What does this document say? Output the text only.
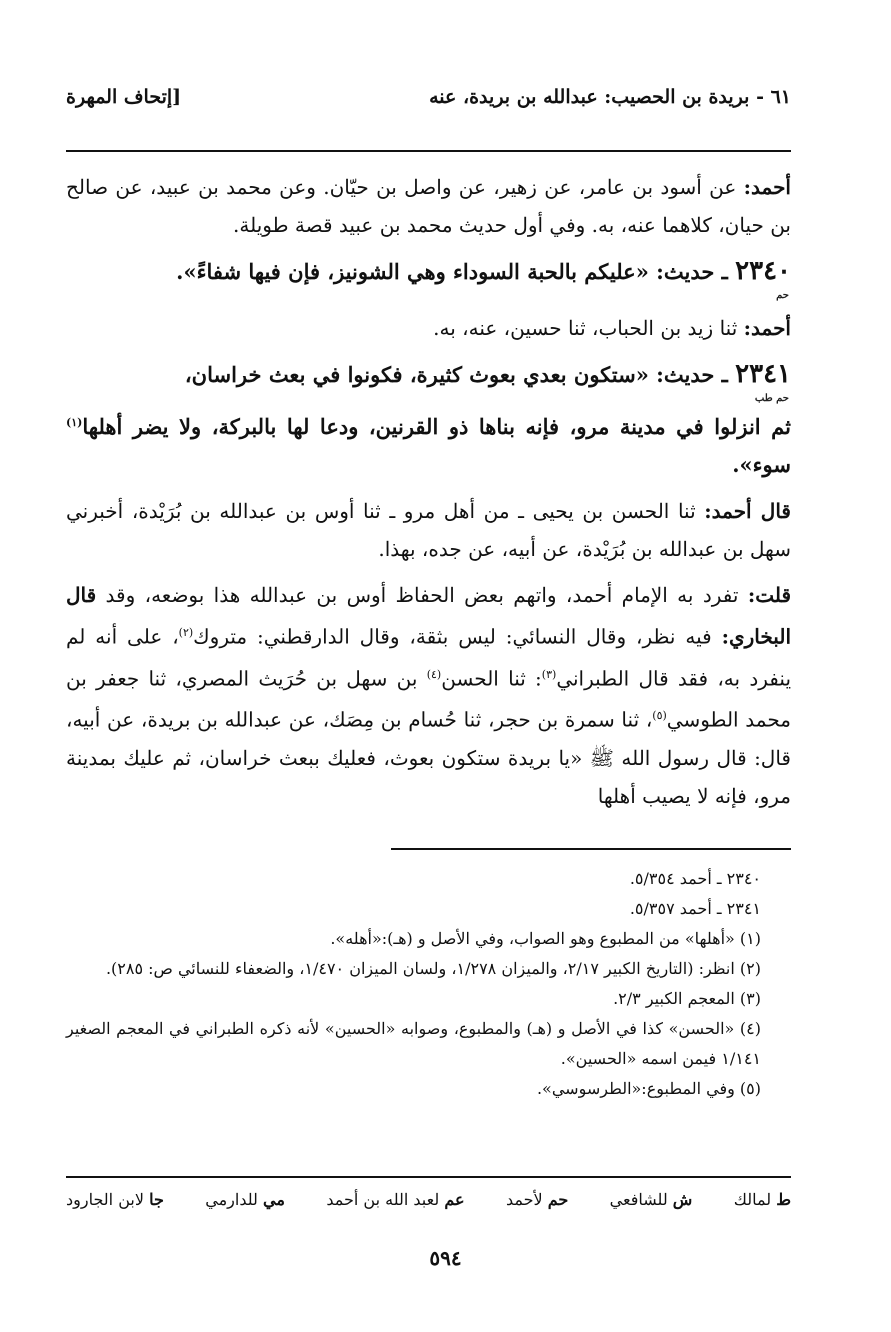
٦١ - بريدة بن الحصيب: عبدالله بن بريدة، عنه
[إتحاف المهرة

أحمد: عن أسود بن عامر، عن زهير، عن واصل بن حيّان. وعن محمد بن عبيد، عن صالح بن حيان، كلاهما عنه، به. وفي أول حديث محمد بن عبيد قصة طويلة.

٢٣٤٠ ـ حديث: «عليكم بالحبة السوداء وهي الشونيز، فإن فيها شفاءً».
حم

أحمد: ثنا زيد بن الحباب، ثنا حسين، عنه، به.

٢٣٤١ ـ حديث: «ستكون بعدي بعوث كثيرة، فكونوا في بعث خراسان،
حم طب
ثم انزلوا في مدينة مرو، فإنه بناها ذو القرنين، ودعا لها بالبركة، ولا يضر أهلها$^{(١)}$ سوء».

قال أحمد: ثنا الحسن بن يحيى ـ من أهل مرو ـ ثنا أوس بن عبدالله بن بُرَيْدة، أخبرني سهل بن عبدالله بن بُرَيْدة، عن أبيه، عن جده، بهذا.

قلت: تفرد به الإمام أحمد، واتهم بعض الحفاظ أوس بن عبدالله هذا بوضعه، وقد قال البخاري: فيه نظر، وقال النسائي: ليس بثقة، وقال الدارقطني: متروك$^{(٢)}$، على أنه لم ينفرد به، فقد قال الطبراني$^{(٣)}$: ثنا الحسن$^{(٤)}$ بن سهل بن حُرَيث المصري، ثنا جعفر بن محمد الطوسي$^{(٥)}$، ثنا سمرة بن حجر، ثنا حُسام بن مِصَك، عن عبدالله بن بريدة، عن أبيه، قال: قال رسول الله ﷺ «يا بريدة ستكون بعوث، فعليك ببعث خراسان، ثم عليك بمدينة مرو، فإنه لا يصيب أهلها

٢٣٤٠ ـ أحمد ٥/٣٥٤.
٢٣٤١ ـ أحمد ٥/٣٥٧.
(١) «أهلها» من المطبوع وهو الصواب، وفي الأصل و (هـ):«أهله».
(٢) انظر: (التاريخ الكبير ٢/١٧، والميزان ١/٢٧٨، ولسان الميزان ١/٤٧٠، والضعفاء للنسائي ص: ٢٨٥).
(٣) المعجم الكبير ٢/٣.
(٤) «الحسن» كذا في الأصل و (هـ) والمطبوع، وصوابه «الحسين» لأنه ذكره الطبراني في المعجم الصغير ١/١٤١ فيمن اسمه «الحسين».
(٥) وفي المطبوع:«الطرسوسي».
ط لمالك
ش للشافعي
حم لأحمد
عم لعبد الله بن أحمد
مي للدارمي
جا لابن الجارود
٥٩٤
